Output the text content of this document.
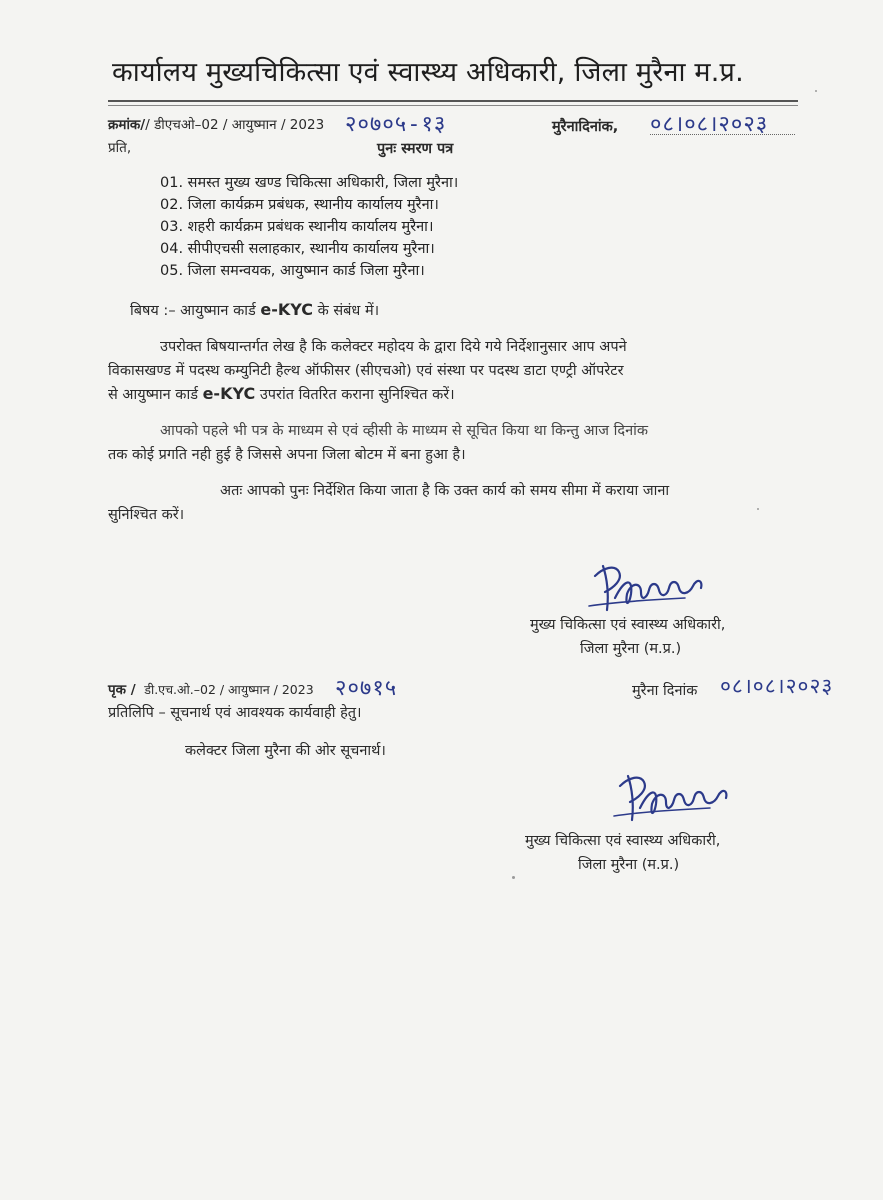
कार्यालय मुख्यचिकित्सा एवं स्वास्थ्य अधिकारी, जिला मुरैना म.प्र.
क्रमांक// डीएचओ–02 / आयुष्मान / 2023 २०७०५-१३	मुरैनादिनांक, ०८।०८।२०२३
प्रति,	पुनः स्मरण पत्र
01. समस्त मुख्य खण्ड चिकित्सा अधिकारी, जिला मुरैना।
02. जिला कार्यक्रम प्रबंधक, स्थानीय कार्यालय मुरैना।
03. शहरी कार्यक्रम प्रबंधक स्थानीय कार्यालय मुरैना।
04. सीपीएचसी सलाहकार, स्थानीय कार्यालय मुरैना।
05. जिला समन्वयक, आयुष्मान कार्ड जिला मुरैना।
बिषय :– आयुष्मान कार्ड e-KYC के संबंध में।
उपरोक्त बिषयान्तर्गत लेख है कि कलेक्टर महोदय के द्वारा दिये गये निर्देशानुसार आप अपने
विकासखण्ड में पदस्थ कम्युनिटी हैल्थ ऑफीसर (सीएचओ) एवं संस्था पर पदस्थ डाटा एण्ट्री ऑपरेटर
से आयुष्मान कार्ड e-KYC उपरांत वितरित कराना सुनिश्चित करें।
आपको पहले भी पत्र के माध्यम से एवं व्हीसी के माध्यम से सूचित किया था किन्तु आज दिनांक
तक कोई प्रगति नही हुई है जिससे अपना जिला बोटम में बना हुआ है।
अतः आपको पुनः निर्देशित किया जाता है कि उक्त कार्य को समय सीमा में कराया जाना
सुनिश्चित करें।
मुख्य चिकित्सा एवं स्वास्थ्य अधिकारी,
जिला मुरैना (म.प्र.)
पृक / डी.एच.ओ.–02 / आयुष्मान / 2023 २०७१५	मुरैना दिनांक ०८।०८।२०२३
प्रतिलिपि – सूचनार्थ एवं आवश्यक कार्यवाही हेतु।
कलेक्टर जिला मुरैना की ओर सूचनार्थ।
मुख्य चिकित्सा एवं स्वास्थ्य अधिकारी,
जिला मुरैना (म.प्र.)
